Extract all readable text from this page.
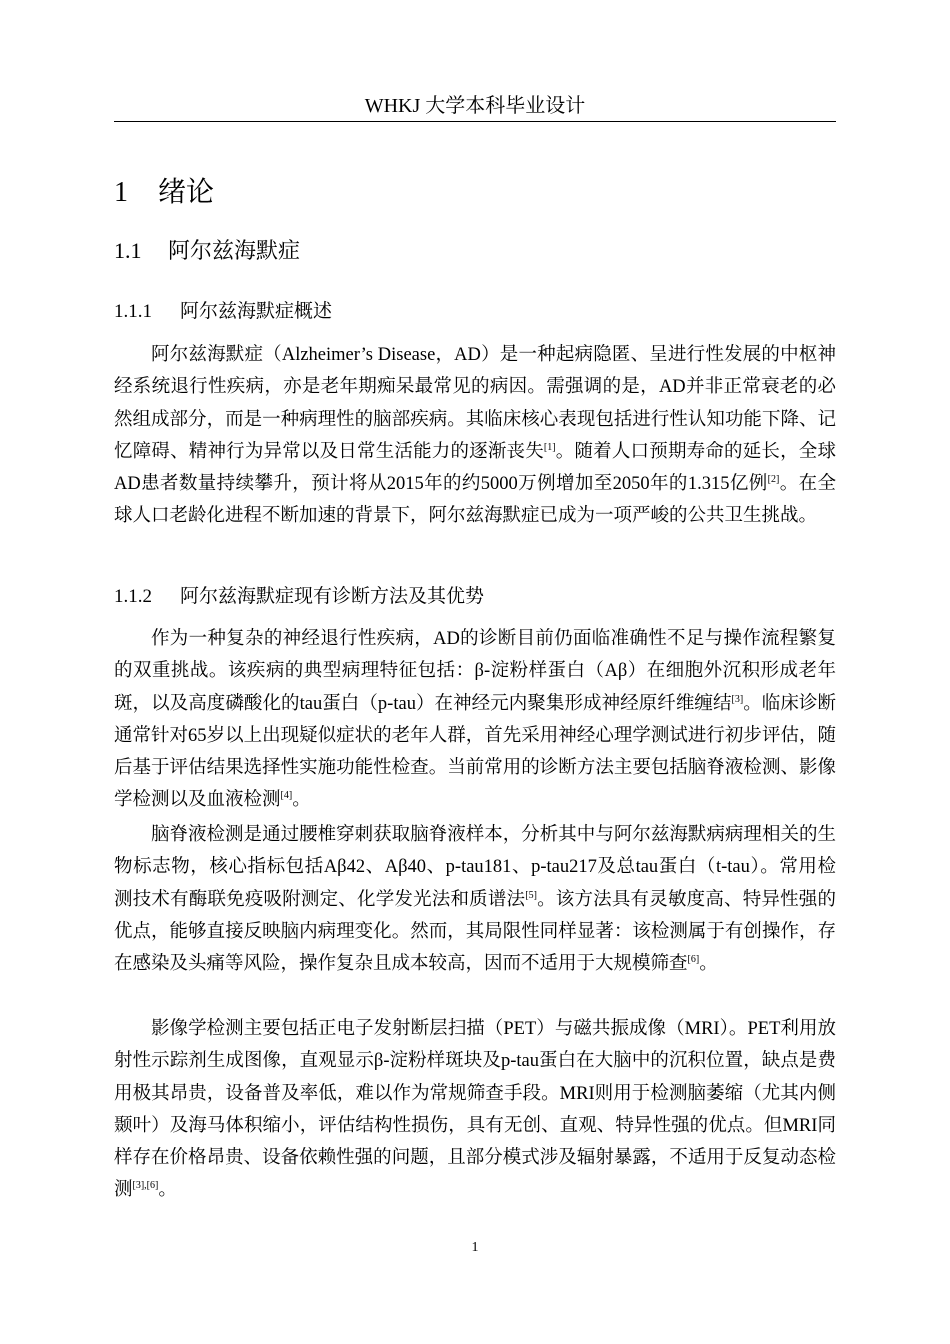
WHKJ 大学本科毕业设计
1 绪论
1.1 阿尔兹海默症
1.1.1 阿尔兹海默症概述

阿尔兹海默症（Alzheimer’s Disease，AD）是一种起病隐匿、呈进行性发展的中枢神经系统退行性疾病，亦是老年期痴呆最常见的病因。需强调的是，AD并非正常衰老的必然组成部分，而是一种病理性的脑部疾病。其临床核心表现包括进行性认知功能下降、记忆障碍、精神行为异常以及日常生活能力的逐渐丧失[1]。随着人口预期寿命的延长，全球AD患者数量持续攀升，预计将从2015年的约5000万例增加至2050年的1.315亿例[2]。在全球人口老龄化进程不断加速的背景下，阿尔兹海默症已成为一项严峻的公共卫生挑战。

1.1.2 阿尔兹海默症现有诊断方法及其优势

作为一种复杂的神经退行性疾病，AD的诊断目前仍面临准确性不足与操作流程繁复的双重挑战。该疾病的典型病理特征包括：β-淀粉样蛋白（Aβ）在细胞外沉积形成老年斑，以及高度磷酸化的tau蛋白（p-tau）在神经元内聚集形成神经原纤维缠结[3]。临床诊断通常针对65岁以上出现疑似症状的老年人群，首先采用神经心理学测试进行初步评估，随后基于评估结果选择性实施功能性检查。当前常用的诊断方法主要包括脑脊液检测、影像学检测以及血液检测[4]。

脑脊液检测是通过腰椎穿刺获取脑脊液样本，分析其中与阿尔兹海默病病理相关的生物标志物，核心指标包括Aβ42、Aβ40、p-tau181、p-tau217及总tau蛋白（t-tau）。常用检测技术有酶联免疫吸附测定、化学发光法和质谱法[5]。该方法具有灵敏度高、特异性强的优点，能够直接反映脑内病理变化。然而，其局限性同样显著：该检测属于有创操作，存在感染及头痛等风险，操作复杂且成本较高，因而不适用于大规模筛查[6]。

影像学检测主要包括正电子发射断层扫描（PET）与磁共振成像（MRI）。PET利用放射性示踪剂生成图像，直观显示β-淀粉样斑块及p-tau蛋白在大脑中的沉积位置，缺点是费用极其昂贵，设备普及率低，难以作为常规筛查手段。MRI则用于检测脑萎缩（尤其内侧颞叶）及海马体积缩小，评估结构性损伤，具有无创、直观、特异性强的优点。但MRI同样存在价格昂贵、设备依赖性强的问题，且部分模式涉及辐射暴露，不适用于反复动态检测[3],[6]。

1
